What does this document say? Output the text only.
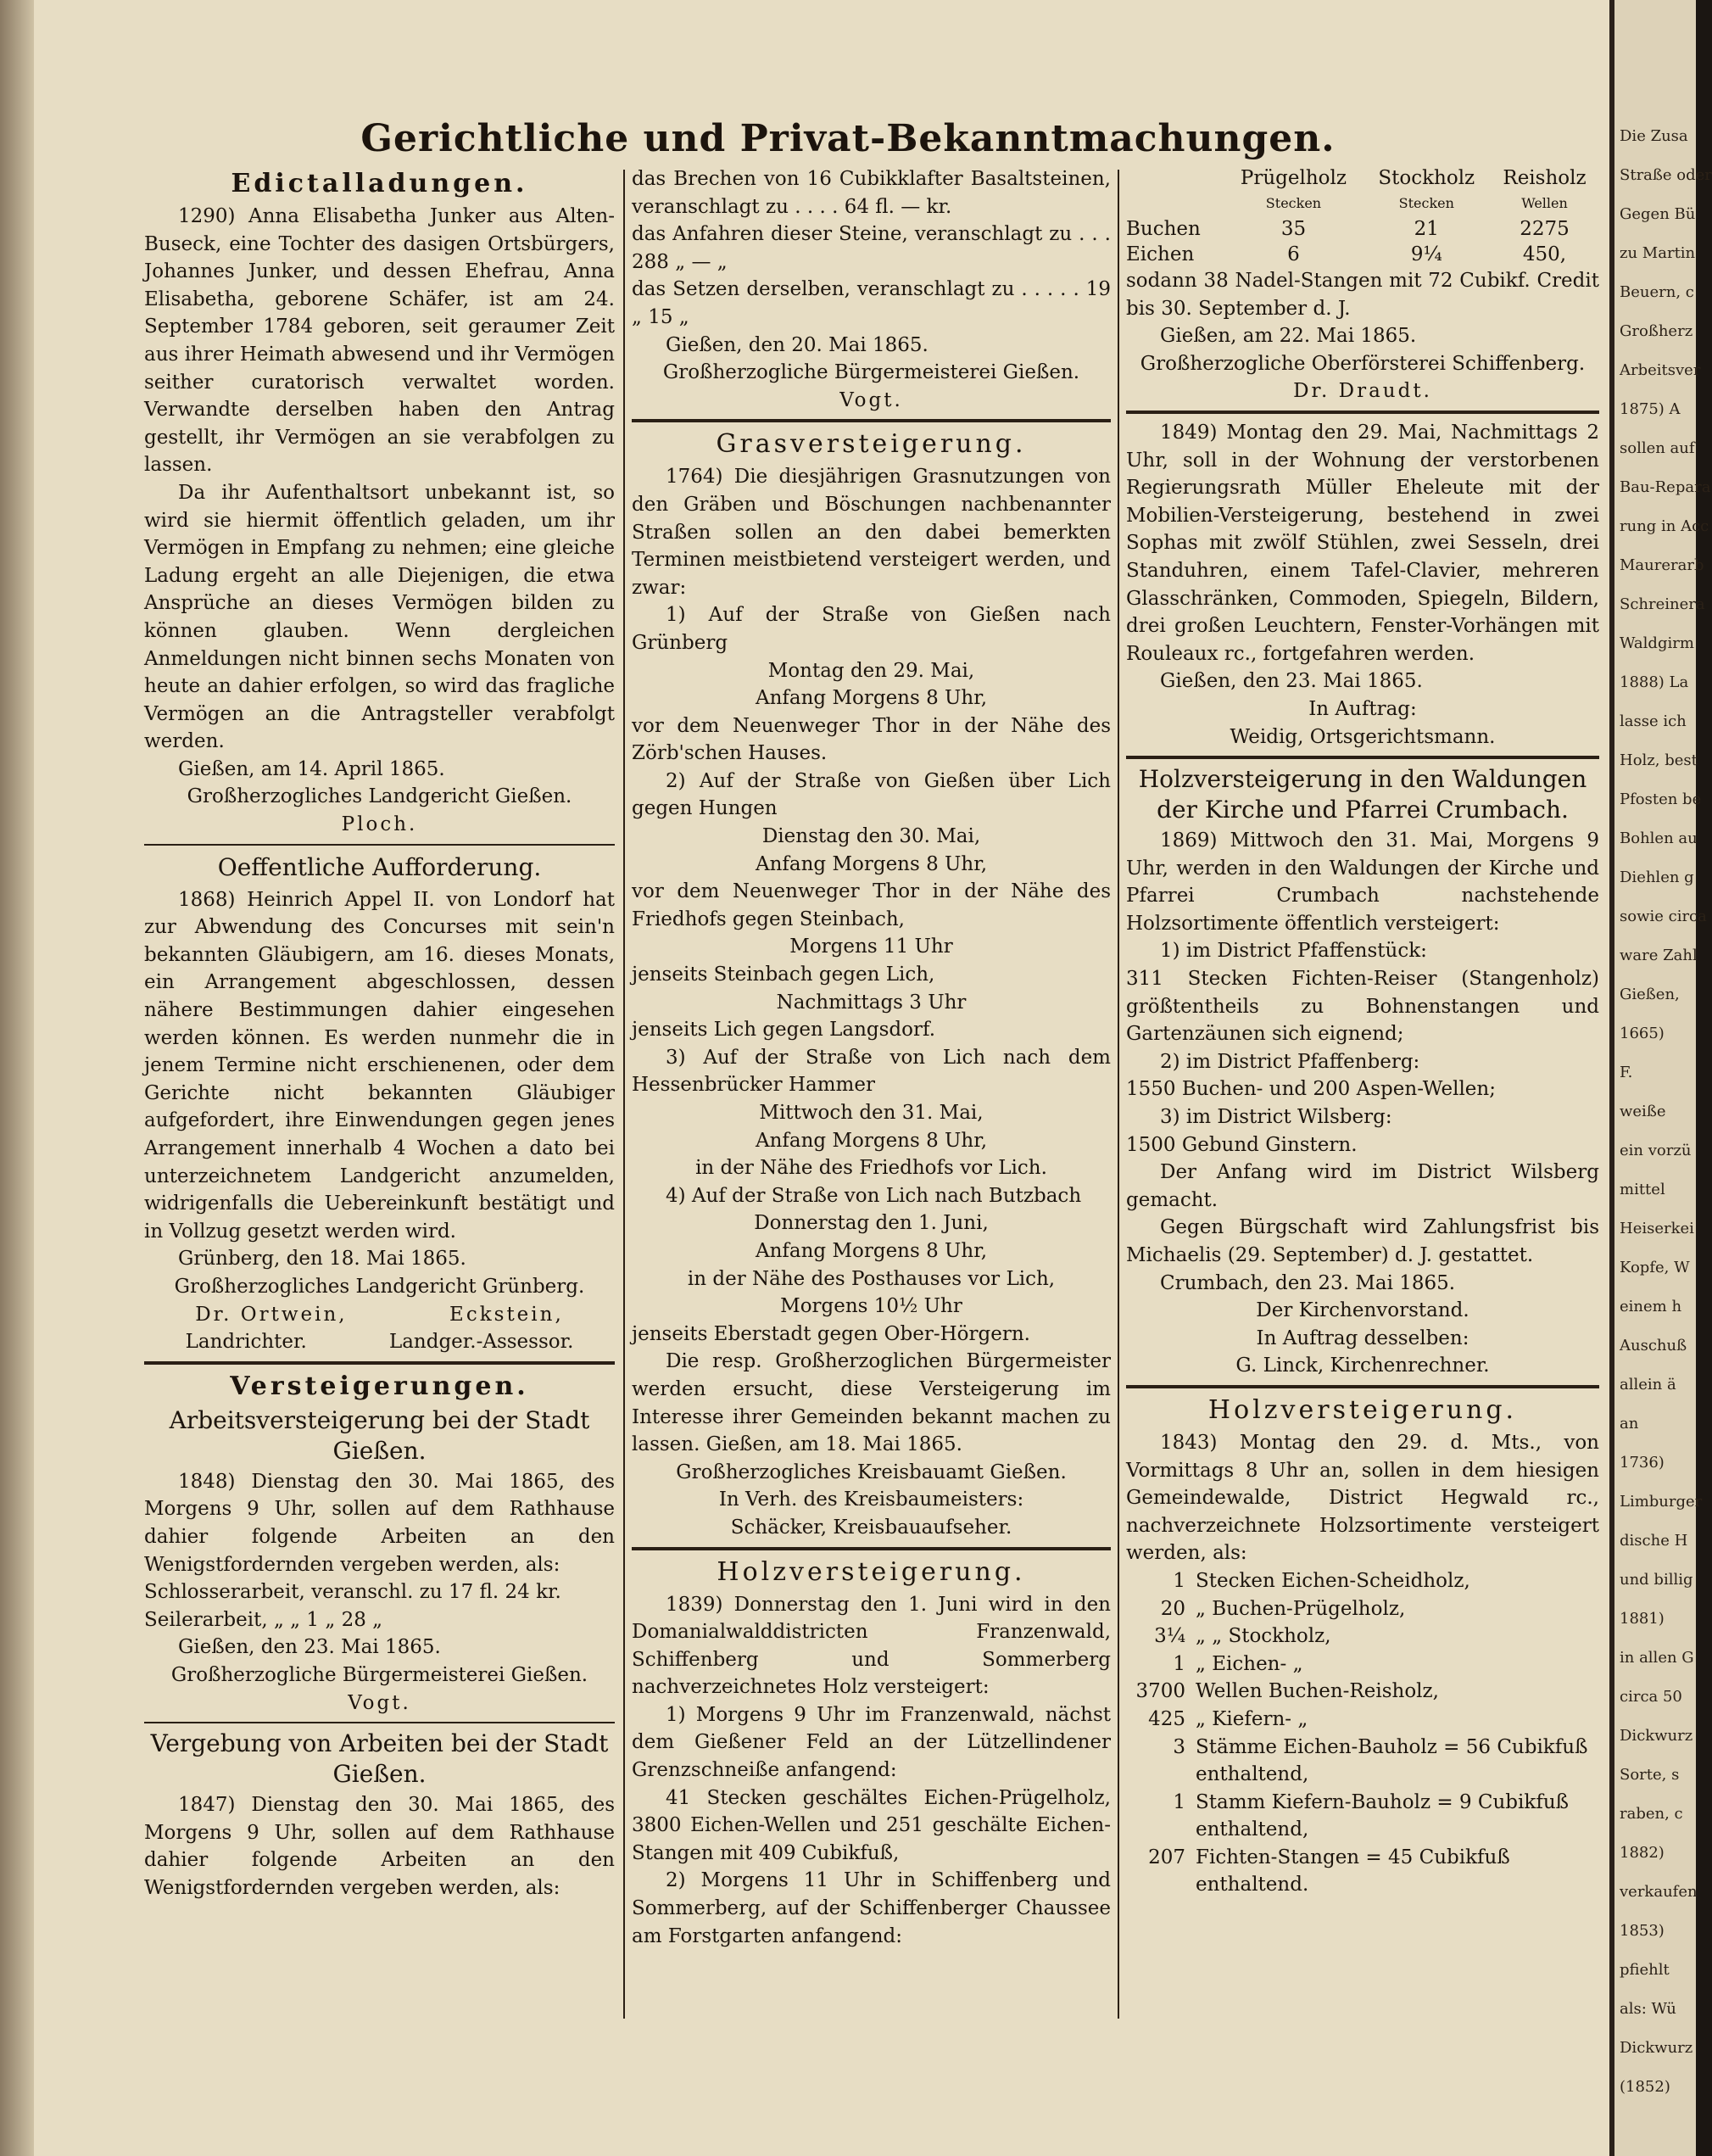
Die Zusa
Straße oder
Gegen Bü
zu Martin
Beuern, c
Großherz
Arbeitsver
1875) A
sollen auf
Bau-Repara
rung in Acc
Maurerarb
Schreinera
Waldgirm
1888) La
lasse ich
Holz, best
Pfosten be
Bohlen au
Diehlen g
sowie circa
ware Zahl
Gießen,
1665)
F.
weiße
ein vorzü
mittel
Heiserkei
Kopfe, W
einem h
Auschuß
allein ä
an
1736)
Limburger
dische H
und billig
1881)
in allen G
circa 50
Dickwurz
Sorte, s
raben, c
1882)
verkaufen
1853)
pfiehlt
als: Wü
Dickwurz
(1852)
Gerichtliche und Privat-Bekanntmachungen.
Edictalladungen.

1290) Anna Elisabetha Junker aus Alten-Buseck, eine Tochter des dasigen Ortsbürgers, Johannes Junker, und dessen Ehefrau, Anna Elisabetha, geborene Schäfer, ist am 24. September 1784 geboren, seit geraumer Zeit aus ihrer Heimath abwesend und ihr Vermögen seither curatorisch verwaltet worden. Verwandte derselben haben den Antrag gestellt, ihr Vermögen an sie verabfolgen zu lassen.

Da ihr Aufenthaltsort unbekannt ist, so wird sie hiermit öffentlich geladen, um ihr Vermögen in Empfang zu nehmen; eine gleiche Ladung ergeht an alle Diejenigen, die etwa Ansprüche an dieses Vermögen bilden zu können glauben. Wenn dergleichen Anmeldungen nicht binnen sechs Monaten von heute an dahier erfolgen, so wird das fragliche Vermögen an die Antragsteller verabfolgt werden.

Gießen, am 14. April 1865.

Großherzogliches Landgericht Gießen.

Ploch.

Oeffentliche Aufforderung.

1868) Heinrich Appel II. von Londorf hat zur Abwendung des Concurses mit sein'n bekannten Gläubigern, am 16. dieses Monats, ein Arrangement abgeschlossen, dessen nähere Bestimmungen dahier eingesehen werden können. Es werden nunmehr die in jenem Termine nicht erschienenen, oder dem Gerichte nicht bekannten Gläubiger aufgefordert, ihre Einwendungen gegen jenes Arrangement innerhalb 4 Wochen a dato bei unterzeichnetem Landgericht anzumelden, widrigenfalls die Uebereinkunft bestätigt und in Vollzug gesetzt werden wird.

Grünberg, den 18. Mai 1865.

Großherzogliches Landgericht Grünberg.

Dr. Ortwein,	Eckstein,
Landrichter.	Landger.-Assessor.
Versteigerungen.
Arbeitsversteigerung bei der Stadt Gießen.

1848) Dienstag den 30. Mai 1865, des Morgens 9 Uhr, sollen auf dem Rathhause dahier folgende Arbeiten an den Wenigstfordernden vergeben werden, als:

Schlosserarbeit, veranschl. zu 17 fl. 24 kr.

Seilerarbeit, „ „ 1 „ 28 „

Gießen, den 23. Mai 1865.

Großherzogliche Bürgermeisterei Gießen.

Vogt.

Vergebung von Arbeiten bei der Stadt Gießen.

1847) Dienstag den 30. Mai 1865, des Morgens 9 Uhr, sollen auf dem Rathhause dahier folgende Arbeiten an den Wenigstfordernden vergeben werden, als:

das Brechen von 16 Cubikklafter Basaltsteinen, veranschlagt zu . . . . 64 fl. — kr.

das Anfahren dieser Steine, veranschlagt zu . . . 288 „ — „

das Setzen derselben, veranschlagt zu . . . . . 19 „ 15 „

Gießen, den 20. Mai 1865.

Großherzogliche Bürgermeisterei Gießen.

Vogt.

Grasversteigerung.

1764) Die diesjährigen Grasnutzungen von den Gräben und Böschungen nachbenannter Straßen sollen an den dabei bemerkten Terminen meistbietend versteigert werden, und zwar:

1) Auf der Straße von Gießen nach Grünberg

Montag den 29. Mai,

Anfang Morgens 8 Uhr,

vor dem Neuenweger Thor in der Nähe des Zörb'schen Hauses.

2) Auf der Straße von Gießen über Lich gegen Hungen

Dienstag den 30. Mai,

Anfang Morgens 8 Uhr,

vor dem Neuenweger Thor in der Nähe des Friedhofs gegen Steinbach,

Morgens 11 Uhr

jenseits Steinbach gegen Lich,

Nachmittags 3 Uhr

jenseits Lich gegen Langsdorf.

3) Auf der Straße von Lich nach dem Hessenbrücker Hammer

Mittwoch den 31. Mai,

Anfang Morgens 8 Uhr,

in der Nähe des Friedhofs vor Lich.

4) Auf der Straße von Lich nach Butzbach

Donnerstag den 1. Juni,

Anfang Morgens 8 Uhr,

in der Nähe des Posthauses vor Lich,

Morgens 10½ Uhr

jenseits Eberstadt gegen Ober-Hörgern.

Die resp. Großherzoglichen Bürgermeister werden ersucht, diese Versteigerung im Interesse ihrer Gemeinden bekannt machen zu lassen. Gießen, am 18. Mai 1865.

Großherzogliches Kreisbauamt Gießen.

In Verh. des Kreisbaumeisters:

Schäcker, Kreisbauaufseher.

Holzversteigerung.

1839) Donnerstag den 1. Juni wird in den Domanialwalddistricten Franzenwald, Schiffenberg und Sommerberg nachverzeichnetes Holz versteigert:

1) Morgens 9 Uhr im Franzenwald, nächst dem Gießener Feld an der Lützellindener Grenzschneiße anfangend:

41 Stecken geschältes Eichen-Prügelholz, 3800 Eichen-Wellen und 251 geschälte Eichen-Stangen mit 409 Cubikfuß,

2) Morgens 11 Uhr in Schiffenberg und Sommerberg, auf der Schiffenberger Chaussee am Forstgarten anfangend:

	Prügelholz	Stockholz	Reisholz
	Stecken	Stecken	Wellen
Buchen	35	21	2275
Eichen	6	9¼	450,

sodann 38 Nadel-Stangen mit 72 Cubikf. Credit bis 30. September d. J.

Gießen, am 22. Mai 1865.

Großherzogliche Oberförsterei Schiffenberg.

Dr. Draudt.

1849) Montag den 29. Mai, Nachmittags 2 Uhr, soll in der Wohnung der verstorbenen Regierungsrath Müller Eheleute mit der Mobilien-Versteigerung, bestehend in zwei Sophas mit zwölf Stühlen, zwei Sesseln, drei Standuhren, einem Tafel-Clavier, mehreren Glasschränken, Commoden, Spiegeln, Bildern, drei großen Leuchtern, Fenster-Vorhängen mit Rouleaux rc., fortgefahren werden.

Gießen, den 23. Mai 1865.

In Auftrag:

Weidig, Ortsgerichtsmann.

Holzversteigerung in den Waldungen der Kirche und Pfarrei Crumbach.

1869) Mittwoch den 31. Mai, Morgens 9 Uhr, werden in den Waldungen der Kirche und Pfarrei Crumbach nachstehende Holzsortimente öffentlich versteigert:

1) im District Pfaffenstück:

311 Stecken Fichten-Reiser (Stangenholz) größtentheils zu Bohnenstangen und Gartenzäunen sich eignend;

2) im District Pfaffenberg:

1550 Buchen- und 200 Aspen-Wellen;

3) im District Wilsberg:

1500 Gebund Ginstern.

Der Anfang wird im District Wilsberg gemacht.

Gegen Bürgschaft wird Zahlungsfrist bis Michaelis (29. September) d. J. gestattet.

Crumbach, den 23. Mai 1865.

Der Kirchenvorstand.

In Auftrag desselben:

G. Linck, Kirchenrechner.

Holzversteigerung.

1843) Montag den 29. d. Mts., von Vormittags 8 Uhr an, sollen in dem hiesigen Gemeindewalde, District Hegwald rc., nachverzeichnete Holzsortimente versteigert werden, als:

1 Stecken Eichen-Scheidholz,
20 „ Buchen-Prügelholz,
3¼ „ „ Stockholz,
1 „ Eichen- „
3700 Wellen Buchen-Reisholz,
425 „ Kiefern- „
3 Stämme Eichen-Bauholz = 56 Cubikfuß enthaltend,
1 Stamm Kiefern-Bauholz = 9 Cubikfuß enthaltend,
207 Fichten-Stangen = 45 Cubikfuß enthaltend.
